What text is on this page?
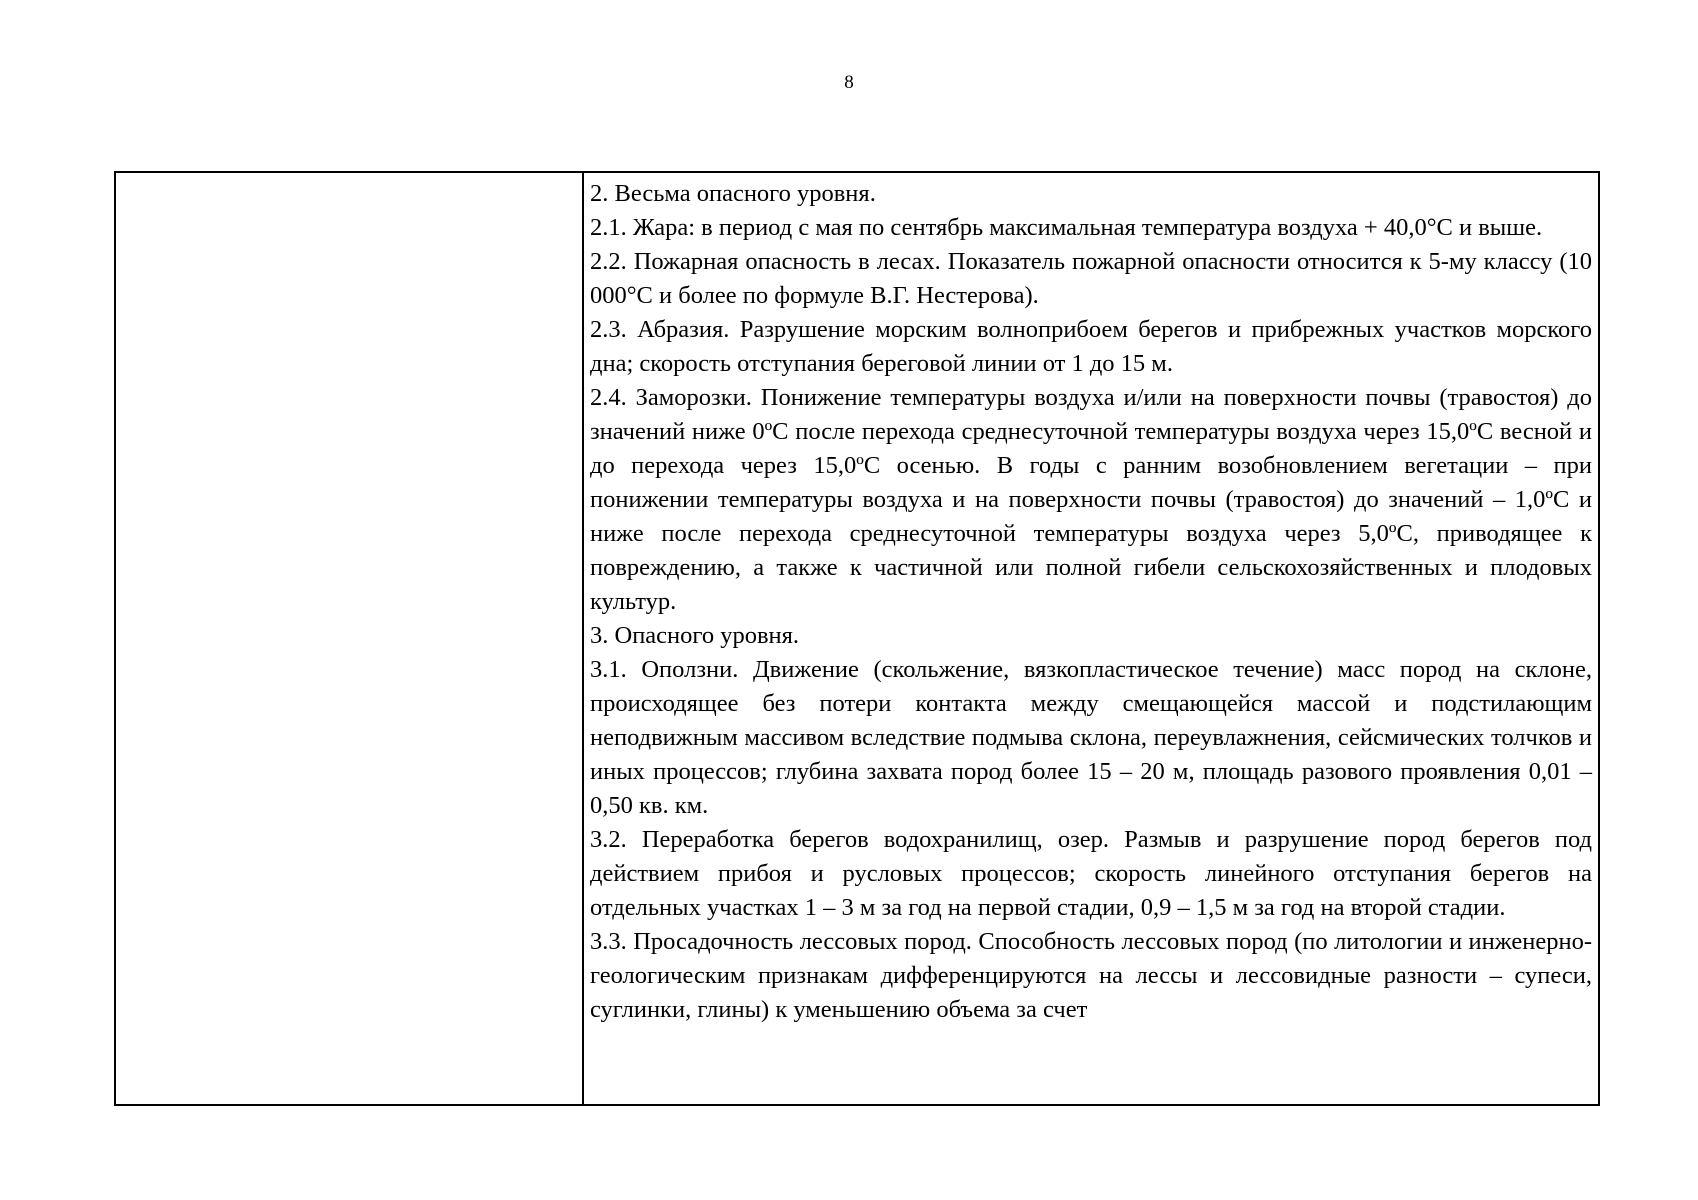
8

2. Весьма опасного уровня.

2.1. Жара: в период с мая по сентябрь максимальная температура воздуха + 40,0°С и выше.

2.2. Пожарная опасность в лесах. Показатель пожарной опасности относится к 5-му классу (10 000°С и более по формуле В.Г. Нестерова).

2.3. Абразия. Разрушение морским волноприбоем берегов и прибрежных участков морского дна; скорость отступания береговой линии от 1 до 15 м.

2.4. Заморозки. Понижение температуры воздуха и/или на поверхности почвы (травостоя) до значений ниже 0ºС после перехода среднесуточной температуры воздуха через 15,0ºС весной и до перехода через 15,0ºС осенью. В годы с ранним возобновлением вегетации – при понижении температуры воздуха и на поверхности почвы (травостоя) до значений – 1,0ºС и ниже после перехода среднесуточной температуры воздуха через 5,0ºС, приводящее к повреждению, а также к частичной или полной гибели сельскохозяйственных и плодовых культур.

3. Опасного уровня.

3.1. Оползни. Движение (скольжение, вязкопластическое течение) масс пород на склоне, происходящее без потери контакта между смещающейся массой и подстилающим неподвижным массивом вследствие подмыва склона, переувлажнения, сейсмических толчков и иных процессов; глубина захвата пород более 15 – 20 м, площадь разового проявления 0,01 – 0,50 кв. км.

3.2. Переработка берегов водохранилищ, озер. Размыв и разрушение пород берегов под действием прибоя и русловых процессов; скорость линейного отступания берегов на отдельных участках 1 – 3 м за год на первой стадии, 0,9 – 1,5 м за год на второй стадии.

3.3. Просадочность лессовых пород. Способность лессовых пород (по литологии и инженерно-геологическим признакам дифференцируются на лессы и лессовидные разности – супеси, суглинки, глины) к уменьшению объема за счет
